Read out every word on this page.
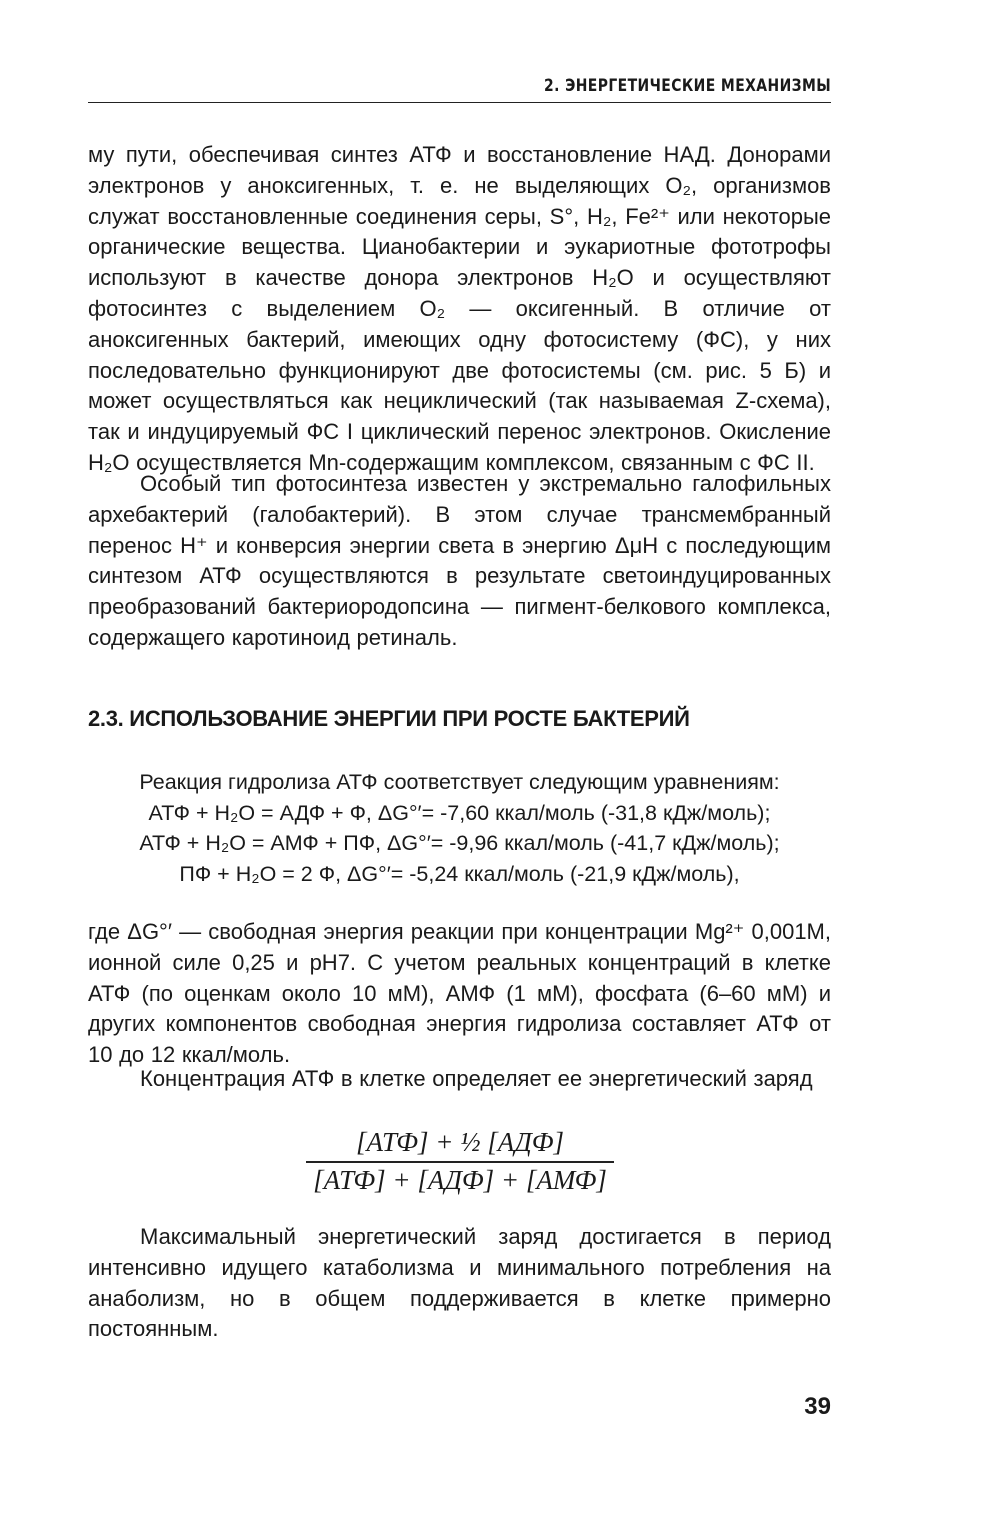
2. ЭНЕРГЕТИЧЕСКИЕ МЕХАНИЗМЫ

му пути, обеспечивая синтез АТФ и восстановление НАД. Донорами электронов у аноксигенных, т. е. не выделяющих O₂, организмов служат восстановленные соединения серы, S°, H₂, Fe²⁺ или некоторые органические вещества. Цианобактерии и эукариотные фототрофы используют в качестве донора электронов H₂O и осуществляют фотосинтез с выделением O₂ — оксигенный. В отличие от аноксигенных бактерий, имеющих одну фотосистему (ФС), у них последовательно функционируют две фотосистемы (см. рис. 5 Б) и может осуществляться как нециклический (так называемая Z-схема), так и индуцируемый ФС I циклический перенос электронов. Окисление H₂O осуществляется Mn-содержащим комплексом, связанным с ФС II.

Особый тип фотосинтеза известен у экстремально галофильных архебактерий (галобактерий). В этом случае трансмембранный перенос H⁺ и конверсия энергии света в энергию ΔμH с последующим синтезом АТФ осуществляются в результате светоиндуцированных преобразований бактериородопсина — пигмент-белкового комплекса, содержащего каротиноид ретиналь.

2.3. ИСПОЛЬЗОВАНИЕ ЭНЕРГИИ ПРИ РОСТЕ БАКТЕРИЙ

Реакция гидролиза АТФ соответствует следующим уравнениям:

АТФ + H₂O = АДФ + Ф, ΔG°′= -7,60 ккал/моль (-31,8 кДж/моль);

АТФ + H₂O = АМФ + ПФ, ΔG°′= -9,96 ккал/моль (-41,7 кДж/моль);

ПФ + H₂O = 2 Ф, ΔG°′= -5,24 ккал/моль (-21,9 кДж/моль),

где ΔG°′ — свободная энергия реакции при концентрации Mg²⁺ 0,001М, ионной силе 0,25 и pH7. С учетом реальных концентраций в клетке АТФ (по оценкам около 10 мМ), АМФ (1 мМ), фосфата (6–60 мМ) и других компонентов свободная энергия гидролиза составляет АТФ от 10 до 12 ккал/моль.

Концентрация АТФ в клетке определяет ее энергетический заряд

[АТФ] + ½ [АДФ]
[АТФ] + [АДФ] + [АМФ]

Максимальный энергетический заряд достигается в период интенсивно идущего катаболизма и минимального потребления на анаболизм, но в общем поддерживается в клетке примерно постоянным.

39
